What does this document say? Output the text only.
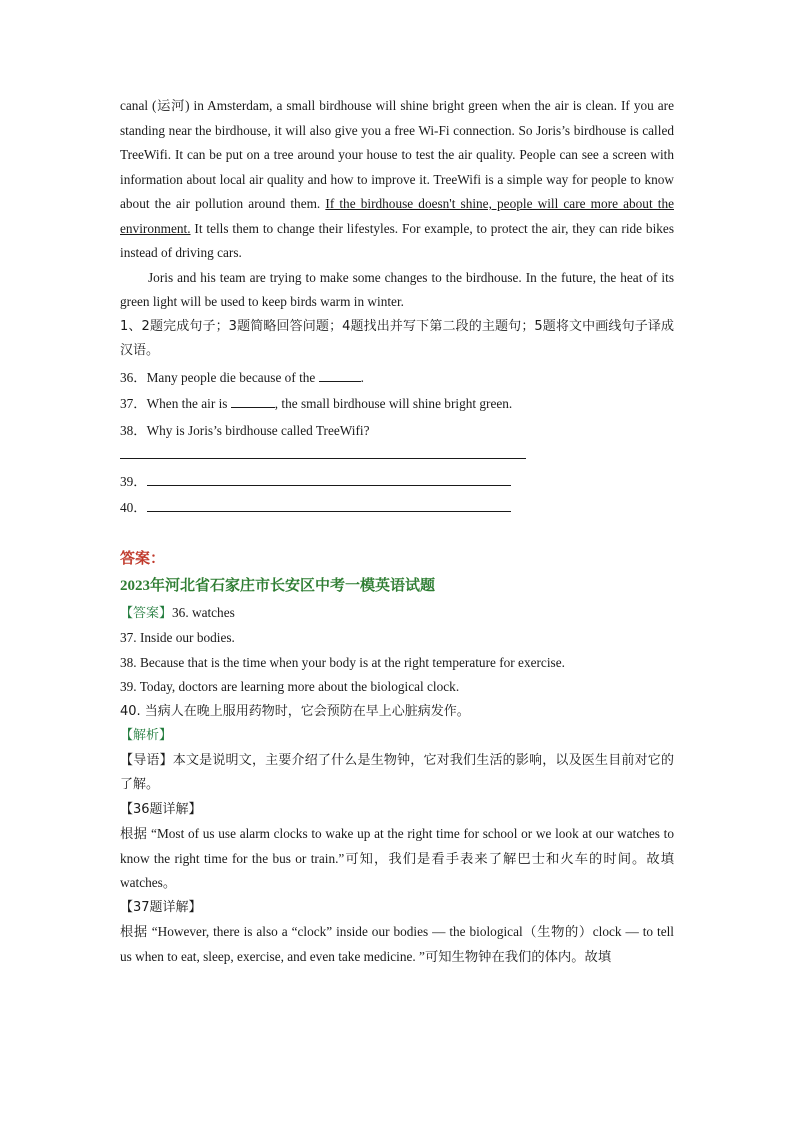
canal (运河) in Amsterdam, a small birdhouse will shine bright green when the air is clean. If you are standing near the birdhouse, it will also give you a free Wi-Fi connection. So Joris’s birdhouse is called TreeWifi. It can be put on a tree around your house to test the air quality. People can see a screen with information about local air quality and how to improve it. TreeWifi is a simple way for people to know about the air pollution around them. If the birdhouse doesn't shine, people will care more about the environment. It tells them to change their lifestyles. For example, to protect the air, they can ride bikes instead of driving cars.

Joris and his team are trying to make some changes to the birdhouse. In the future, the heat of its green light will be used to keep birds warm in winter.

1、2题完成句子；3题简略回答问题；4题找出并写下第二段的主题句；5题将文中画线句子译成汉语。

36．Many people die because of the	.

37．When the air is	, the small birdhouse will shine bright green.

38．Why is Joris’s birdhouse called TreeWifi?

39．

40．

答案：
2023年河北省石家庄市长安区中考一模英语试题

【答案】36. watches

37. Inside our bodies.

38. Because that is the time when your body is at the right temperature for exercise.

39. Today, doctors are learning more about the biological clock.

40. 当病人在晚上服用药物时，它会预防在早上心脏病发作。

【解析】

【导语】本文是说明文，主要介绍了什么是生物钟，它对我们生活的影响，以及医生目前对它的了解。

【36题详解】

根据 “Most of us use alarm clocks to wake up at the right time for school or we look at our watches to know the right time for the bus or train.”可知，我们是看手表来了解巴士和火车的时间。故填 watches。

【37题详解】

根据 “However, there is also a “clock” inside our bodies — the biological（生物的）clock — to tell us when to eat, sleep, exercise, and even take medicine. ”可知生物钟在我们的体内。故填
